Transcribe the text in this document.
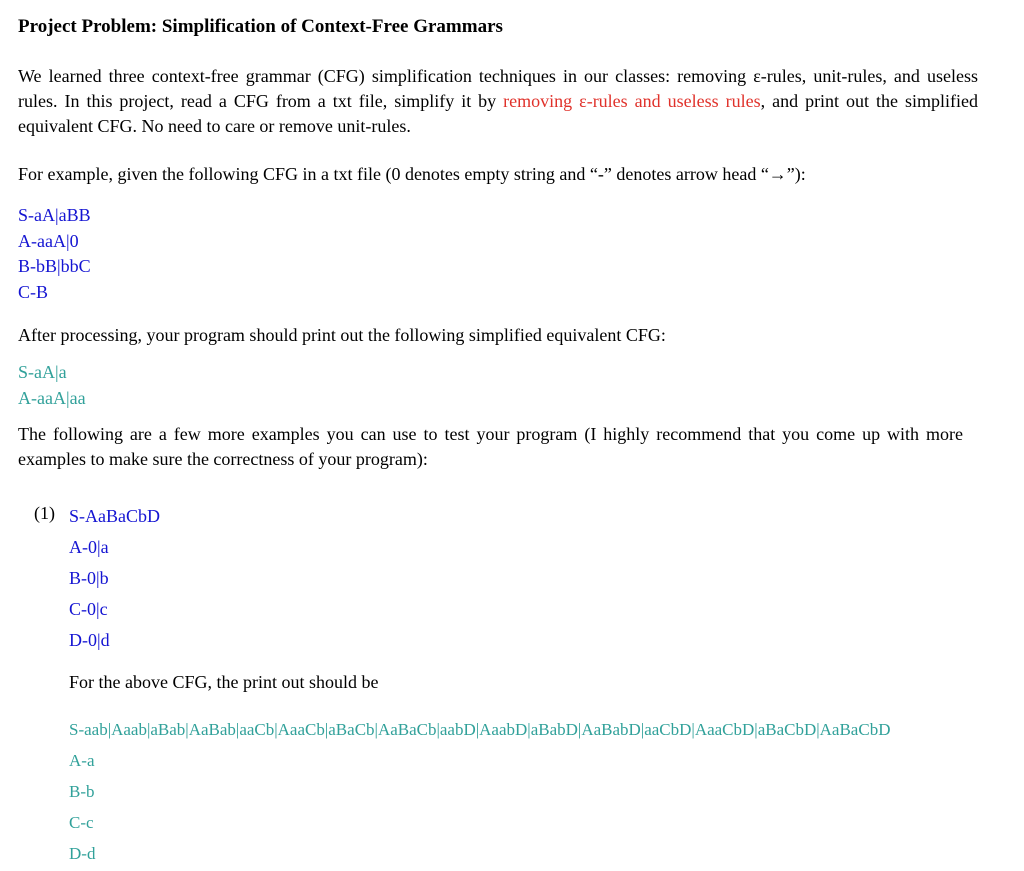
Project Problem: Simplification of Context-Free Grammars

We learned three context-free grammar (CFG) simplification techniques in our classes: removing ε-rules, unit-rules, and useless rules. In this project, read a CFG from a txt file, simplify it by removing ε-rules and useless rules, and print out the simplified equivalent CFG. No need to care or remove unit-rules.

For example, given the following CFG in a txt file (0 denotes empty string and “-” denotes arrow head “→”):

S-aA|aBB
A-aaA|0
B-bB|bbC
C-B

After processing, your program should print out the following simplified equivalent CFG:

S-aA|a
A-aaA|aa

The following are a few more examples you can use to test your program (I highly recommend that you come up with more examples to make sure the correctness of your program):

(1) S-AaBaCbD
A-0|a
B-0|b
C-0|c
D-0|d

For the above CFG, the print out should be

S-aab|Aaab|aBab|AaBab|aaCb|AaaCb|aBaCb|AaBaCb|aabD|AaabD|aBabD|AaBabD|aaCbD|AaaCbD|aBaCbD|AaBaCbD
A-a
B-b
C-c
D-d
